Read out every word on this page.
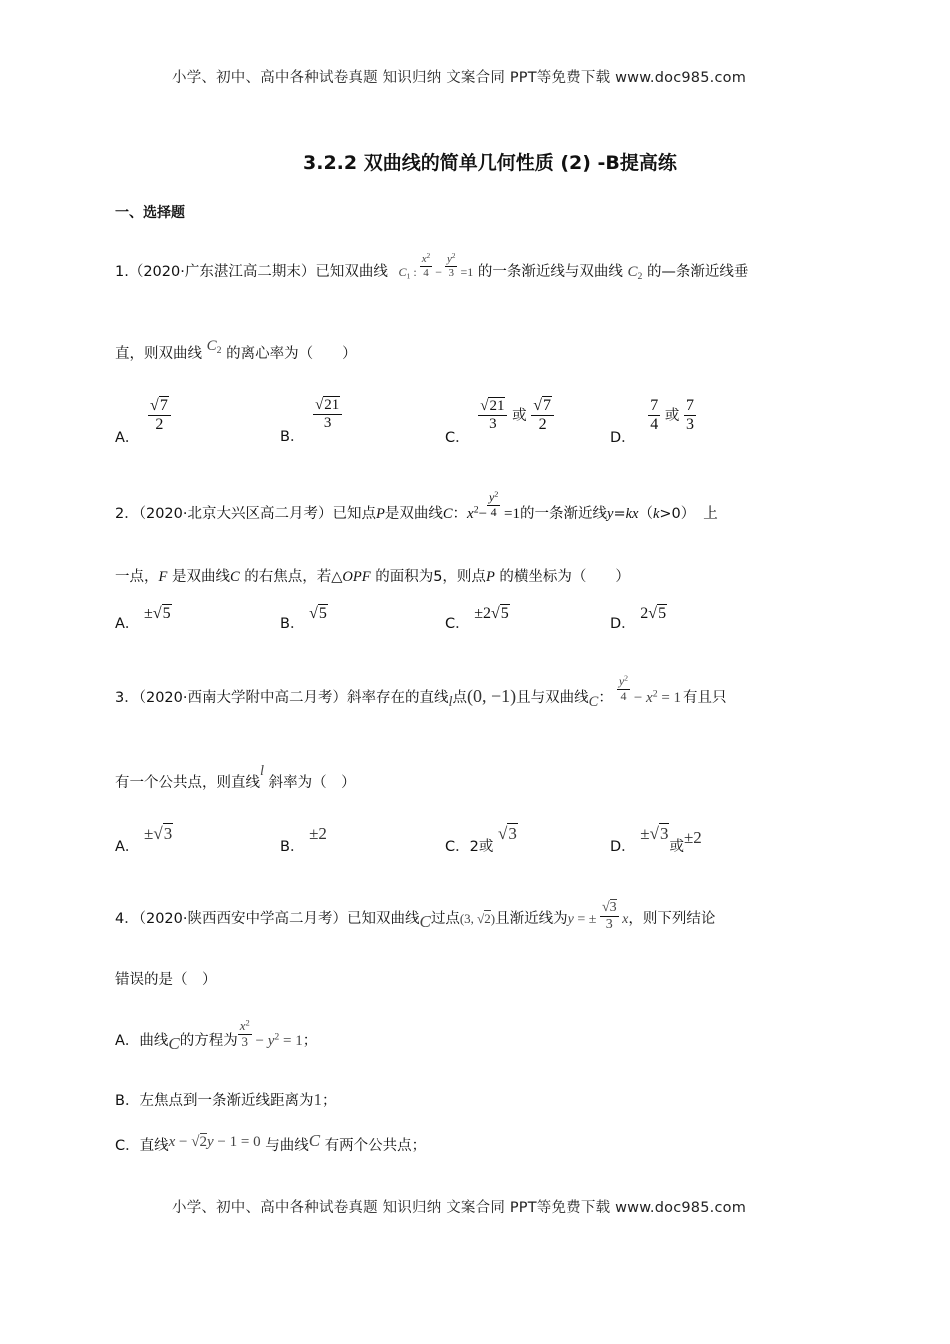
小学、初中、高中各种试卷真题 知识归纳 文案合同 PPT等免费下载 www.doc985.com
3.2.2 双曲线的简单几何性质 (2) -B提高练
一、选择题
1.（2020·广东湛江高二期末）已知双曲线 $C_1$ : $\frac{x^2}{4} - \frac{y^2}{3} =1$ 的一条渐近线与双曲线 $C_2$ 的—条渐近线垂
直，则双曲线 $C_2$ 的离心率为（　　）
A．
$\frac{√7}{2}$
B．
$\frac{√21}{3}$
C．
$\frac{√21}{3}$ 或 $\frac{√7}{2}$
D．
$\frac{7}{4}$ 或 $\frac{7}{3}$
2．（2020·北京大兴区高二月考）已知点P是双曲线C：$x^2- \frac{y^2}{4} =1$的一条渐近线y=kx（k>0） 上
一点，F 是双曲线C 的右焦点，若△OPF 的面积为5，则点P 的横坐标为（　　）
A． ±√5
B． √5
C． ±2√5
D． 2√5
3．（2020·西南大学附中高二月考）斜率存在的直线l点(0, −1)且与双曲线C： $\frac{y^2}{4} - x^2 = 1$ 有且只
有一个公共点，则直线l 斜率为（　）
A． ±√3
B． ±2
C．2或 √3
D． ±√3或±2
4．（2020·陕西西安中学高二月考）已知双曲线C过点(3, √2)且渐近线为y = ± $\frac{√3}{3}$ x，则下列结论
错误的是（　）
A．曲线C的方程为 $\frac{x^2}{3} - y^2 = 1$；
B．左焦点到一条渐近线距离为1；
C．直线x − √2y − 1 = 0 与曲线C 有两个公共点；
小学、初中、高中各种试卷真题 知识归纳 文案合同 PPT等免费下载 www.doc985.com
